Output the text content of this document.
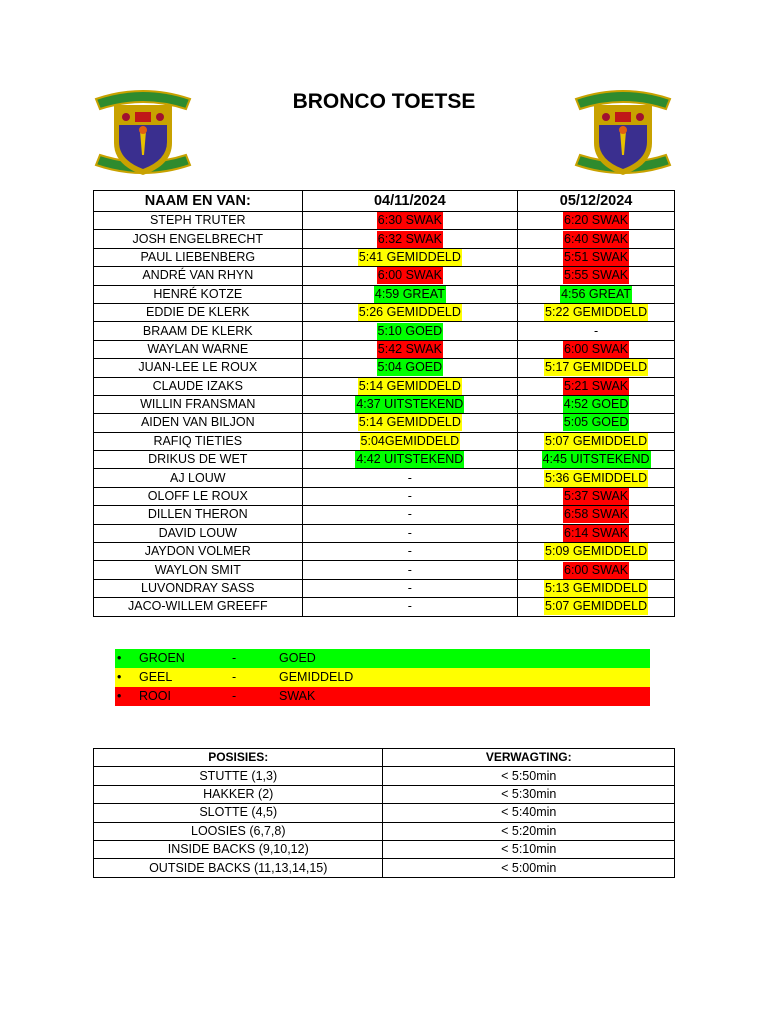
BRONCO TOETSE
NAAM EN VAN:	04/11/2024	05/12/2024
STEPH TRUTER	6:30 SWAK	6:20 SWAK
JOSH ENGELBRECHT	6:32 SWAK	6:40 SWAK
PAUL LIEBENBERG	5:41 GEMIDDELD	5:51 SWAK
ANDRÉ VAN RHYN	6:00 SWAK	5:55 SWAK
HENRÉ KOTZE	4:59 GREAT	4:56 GREAT
EDDIE DE KLERK	5:26 GEMIDDELD	5:22 GEMIDDELD
BRAAM DE KLERK	5:10 GOED	-
WAYLAN WARNE	5:42 SWAK	6:00 SWAK
JUAN-LEE LE ROUX	5:04 GOED	5:17 GEMIDDELD
CLAUDE IZAKS	5:14 GEMIDDELD	5:21 SWAK
WILLIN FRANSMAN	4:37 UITSTEKEND	4:52 GOED
AIDEN VAN BILJON	5:14 GEMIDDELD	5:05 GOED
RAFIQ TIETIES	5:04GEMIDDELD	5:07 GEMIDDELD
DRIKUS DE WET	4:42 UITSTEKEND	4:45 UITSTEKEND
AJ LOUW	-	5:36 GEMIDDELD
OLOFF LE ROUX	-	5:37 SWAK
DILLEN THERON	-	6:58 SWAK
DAVID LOUW	-	6:14 SWAK
JAYDON VOLMER	-	5:09 GEMIDDELD
WAYLON SMIT	-	6:00 SWAK
LUVONDRAY SASS	-	5:13 GEMIDDELD
JACO-WILLEM GREEFF	-	5:07 GEMIDDELD
• GROEN	-	GOED
• GEEL	-	GEMIDDELD
• ROOI	-	SWAK
POSISIES:	VERWAGTING:
STUTTE (1,3)	< 5:50min
HAKKER (2)	< 5:30min
SLOTTE (4,5)	< 5:40min
LOOSIES (6,7,8)	< 5:20min
INSIDE BACKS (9,10,12)	< 5:10min
OUTSIDE BACKS (11,13,14,15)	< 5:00min
